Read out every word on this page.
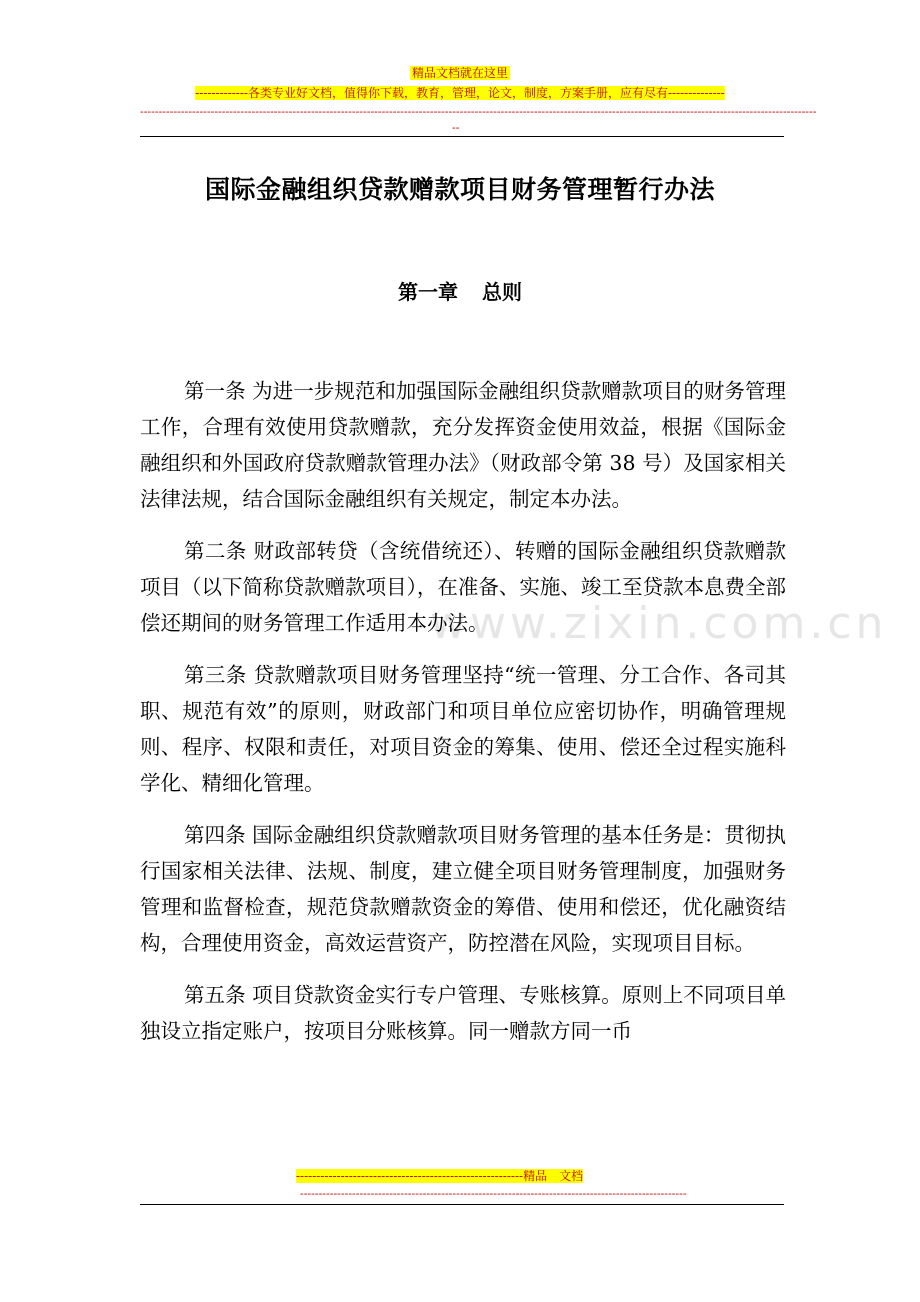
精品文档就在这里
-------------各类专业好文档，值得你下载，教育，管理，论文，制度，方案手册，应有尽有--------------
--------------------------------------------------------------------------------------------------------------------------------------------------------------------------------------
--
www.zixin.com.cn
国际金融组织贷款赠款项目财务管理暂行办法
第一章 总则

第一条 为进一步规范和加强国际金融组织贷款赠款项目的财务管理工作，合理有效使用贷款赠款，充分发挥资金使用效益，根据《国际金融组织和外国政府贷款赠款管理办法》（财政部令第 38 号）及国家相关法律法规，结合国际金融组织有关规定，制定本办法。

第二条 财政部转贷（含统借统还）、转赠的国际金融组织贷款赠款项目（以下简称贷款赠款项目），在准备、实施、竣工至贷款本息费全部偿还期间的财务管理工作适用本办法。

第三条 贷款赠款项目财务管理坚持“统一管理、分工合作、各司其职、规范有效”的原则，财政部门和项目单位应密切协作，明确管理规则、程序、权限和责任，对项目资金的筹集、使用、偿还全过程实施科学化、精细化管理。

第四条 国际金融组织贷款赠款项目财务管理的基本任务是：贯彻执行国家相关法律、法规、制度，建立健全项目财务管理制度，加强财务管理和监督检查，规范贷款赠款资金的筹借、使用和偿还，优化融资结构，合理使用资金，高效运营资产，防控潜在风险，实现项目目标。

第五条 项目贷款资金实行专户管理、专账核算。原则上不同项目单独设立指定账户，按项目分账核算。同一赠款方同一币

--------------------------------------------------------精品　文档
--------------------------------------------------------------------------------------------------------
